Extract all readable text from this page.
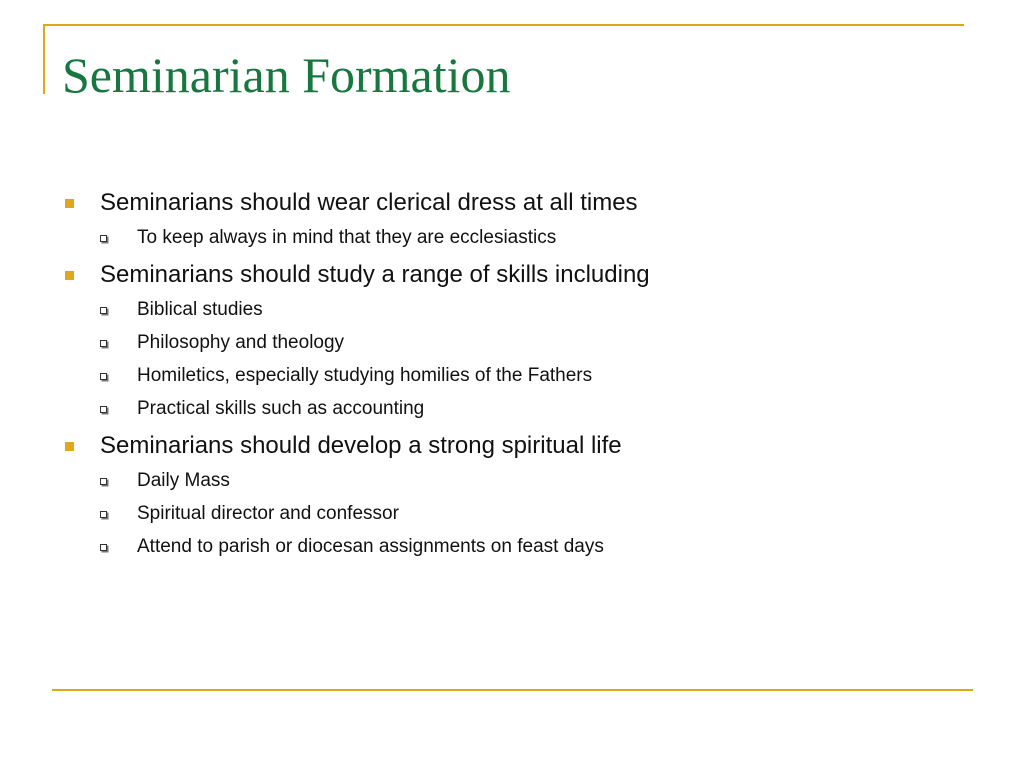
Seminarian Formation
Seminarians should wear clerical dress at all times
To keep always in mind that they are ecclesiastics
Seminarians should study a range of skills including
Biblical studies
Philosophy and theology
Homiletics, especially studying homilies of the Fathers
Practical skills such as accounting
Seminarians should develop a strong spiritual life
Daily Mass
Spiritual director and confessor
Attend to parish or diocesan assignments on feast days
